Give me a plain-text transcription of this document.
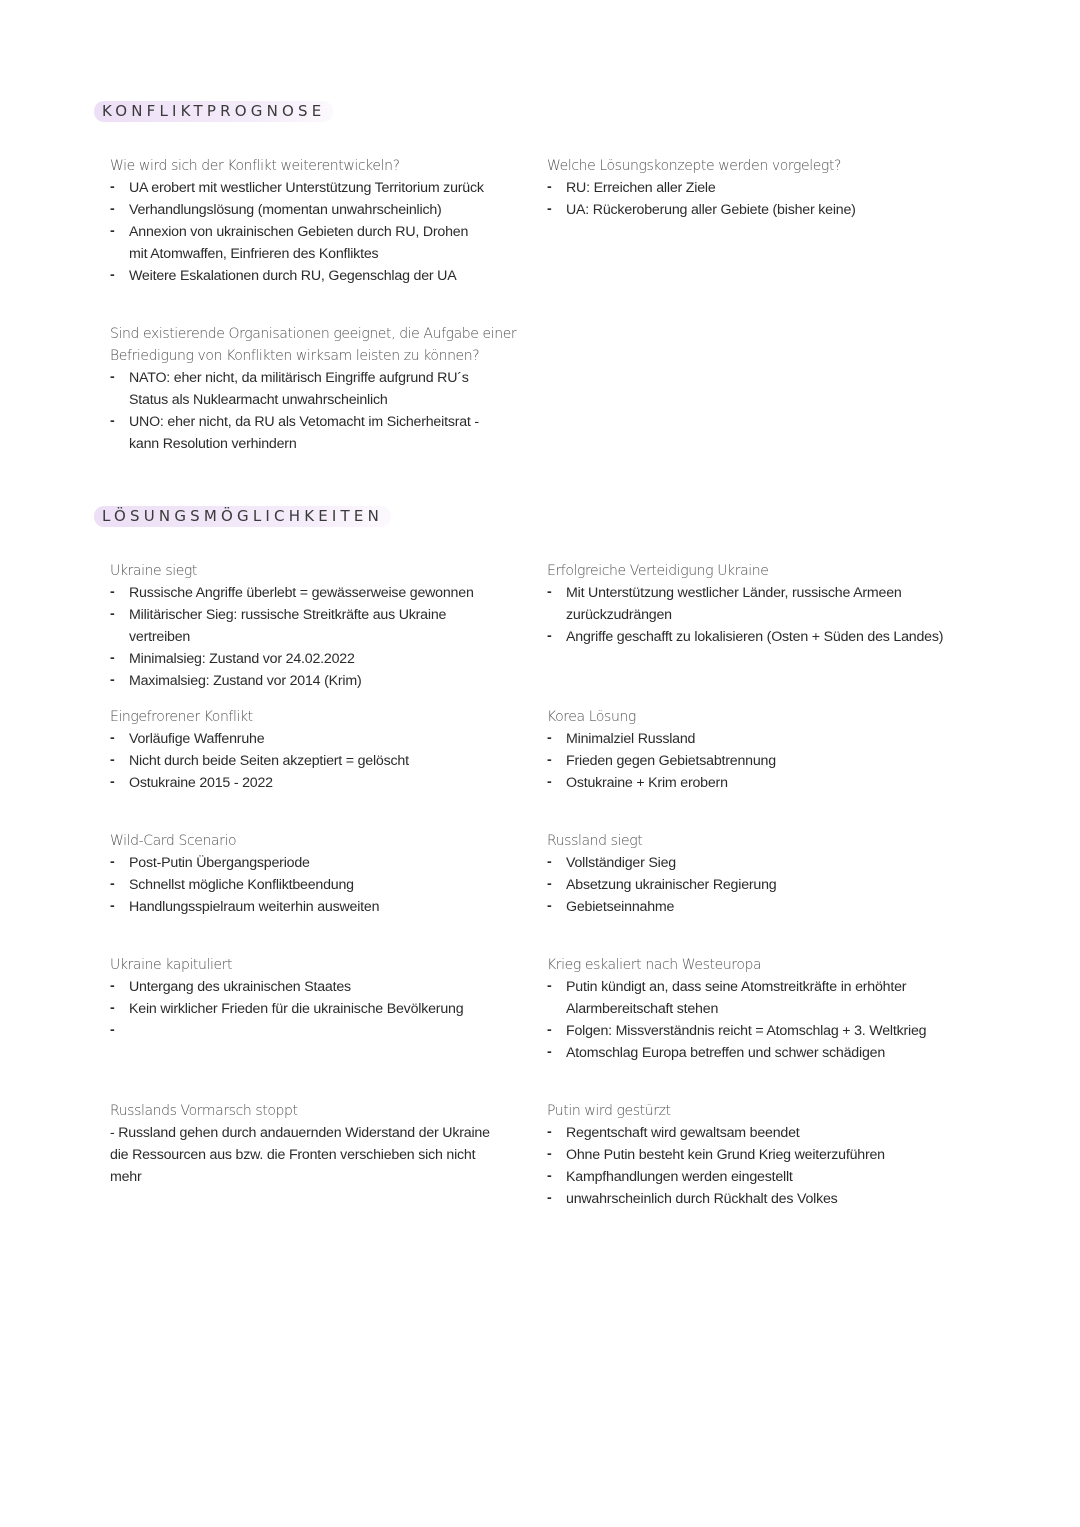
KONFLIKTPROGNOSE
Wie wird sich der Konflikt weiterentwickeln?
- UA erobert mit westlicher Unterstützung Territorium zurück
- Verhandlungslösung (momentan unwahrscheinlich)
- Annexion von ukrainischen Gebieten durch RU, Drohen mit Atomwaffen, Einfrieren des Konfliktes
- Weitere Eskalationen durch RU, Gegenschlag der UA
Welche Lösungskonzepte werden vorgelegt?
- RU: Erreichen aller Ziele
- UA: Rückeroberung aller Gebiete (bisher keine)
Sind existierende Organisationen geeignet, die Aufgabe einer Befriedigung von Konflikten wirksam leisten zu können?
- NATO: eher nicht, da militärisch Eingriffe aufgrund RU´s Status als Nuklearmacht unwahrscheinlich
- UNO: eher nicht, da RU als Vetomacht im Sicherheitsrat - kann Resolution verhindern
LÖSUNGSMÖGLICHKEITEN
Ukraine siegt
- Russische Angriffe überlebt = gewässerweise gewonnen
- Militärischer Sieg: russische Streitkräfte aus Ukraine vertreiben
- Minimalsieg: Zustand vor 24.02.2022
- Maximalsieg: Zustand vor 2014 (Krim)
Erfolgreiche Verteidigung Ukraine
- Mit Unterstützung westlicher Länder, russische Armeen zurückzudrängen
- Angriffe geschafft zu lokalisieren (Osten + Süden des Landes)
Eingefrorener Konflikt
- Vorläufige Waffenruhe
- Nicht durch beide Seiten akzeptiert = gelöscht
- Ostukraine 2015 - 2022
Korea Lösung
- Minimalziel Russland
- Frieden gegen Gebietsabtrennung
- Ostukraine + Krim erobern
Wild-Card Scenario
- Post-Putin Übergangsperiode
- Schnellst mögliche Konfliktbeendung
- Handlungsspielraum weiterhin ausweiten
Russland siegt
- Vollständiger Sieg
- Absetzung ukrainischer Regierung
- Gebietseinnahme
Ukraine kapituliert
- Untergang des ukrainischen Staates
- Kein wirklicher Frieden für die ukrainische Bevölkerung
-
Krieg eskaliert nach Westeuropa
- Putin kündigt an, dass seine Atomstreitkräfte in erhöhter Alarmbereitschaft stehen
- Folgen: Missverständnis reicht = Atomschlag + 3. Weltkrieg
- Atomschlag Europa betreffen und schwer schädigen
Russlands Vormarsch stoppt
- Russland gehen durch andauernden Widerstand der Ukraine die Ressourcen aus bzw. die Fronten verschieben sich nicht mehr
Putin wird gestürzt
- Regentschaft wird gewaltsam beendet
- Ohne Putin besteht kein Grund Krieg weiterzuführen
- Kampfhandlungen werden eingestellt
- unwahrscheinlich durch Rückhalt des Volkes
